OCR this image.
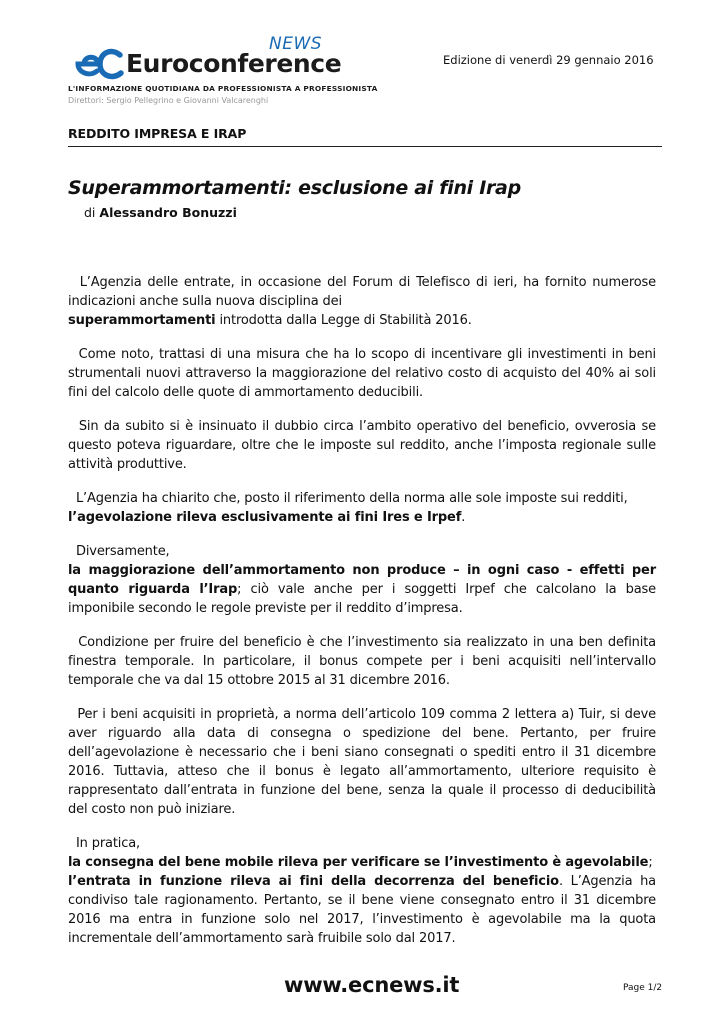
NEWS
Euroconference
L'INFORMAZIONE QUOTIDIANA DA PROFESSIONISTA A PROFESSIONISTA
Direttori: Sergio Pellegrino e Giovanni Valcarenghi
Edizione di venerdì 29 gennaio 2016
REDDITO IMPRESA E IRAP
Superammortamenti: esclusione ai fini Irap
di Alessandro Bonuzzi

L’Agenzia delle entrate, in occasione del Forum di Telefisco di ieri, ha fornito numerose indicazioni anche sulla nuova disciplina dei
superammortamenti introdotta dalla Legge di Stabilità 2016.

Come noto, trattasi di una misura che ha lo scopo di incentivare gli investimenti in beni strumentali nuovi attraverso la maggiorazione del relativo costo di acquisto del 40% ai soli fini del calcolo delle quote di ammortamento deducibili.

Sin da subito si è insinuato il dubbio circa l’ambito operativo del beneficio, ovverosia se questo poteva riguardare, oltre che le imposte sul reddito, anche l’imposta regionale sulle attività produttive.

L’Agenzia ha chiarito che, posto il riferimento della norma alle sole imposte sui redditi,
l’agevolazione rileva esclusivamente ai fini Ires e Irpef.

Diversamente,
la maggiorazione dell’ammortamento non produce – in ogni caso - effetti per quanto riguarda l’Irap; ciò vale anche per i soggetti Irpef che calcolano la base imponibile secondo le regole previste per il reddito d’impresa.

Condizione per fruire del beneficio è che l’investimento sia realizzato in una ben definita finestra temporale. In particolare, il bonus compete per i beni acquisiti nell’intervallo temporale che va dal 15 ottobre 2015 al 31 dicembre 2016.

Per i beni acquisiti in proprietà, a norma dell’articolo 109 comma 2 lettera a) Tuir, si deve aver riguardo alla data di consegna o spedizione del bene. Pertanto, per fruire dell’agevolazione è necessario che i beni siano consegnati o spediti entro il 31 dicembre 2016. Tuttavia, atteso che il bonus è legato all’ammortamento, ulteriore requisito è rappresentato dall’entrata in funzione del bene, senza la quale il processo di deducibilità del costo non può iniziare.

In pratica,
la consegna del bene mobile rileva per verificare se l’investimento è agevolabile;
l’entrata in funzione rileva ai fini della decorrenza del beneficio. L’Agenzia ha condiviso tale ragionamento. Pertanto, se il bene viene consegnato entro il 31 dicembre 2016 ma entra in funzione solo nel 2017, l’investimento è agevolabile ma la quota incrementale dell’ammortamento sarà fruibile solo dal 2017.

www.ecnews.it	Page 1/2
